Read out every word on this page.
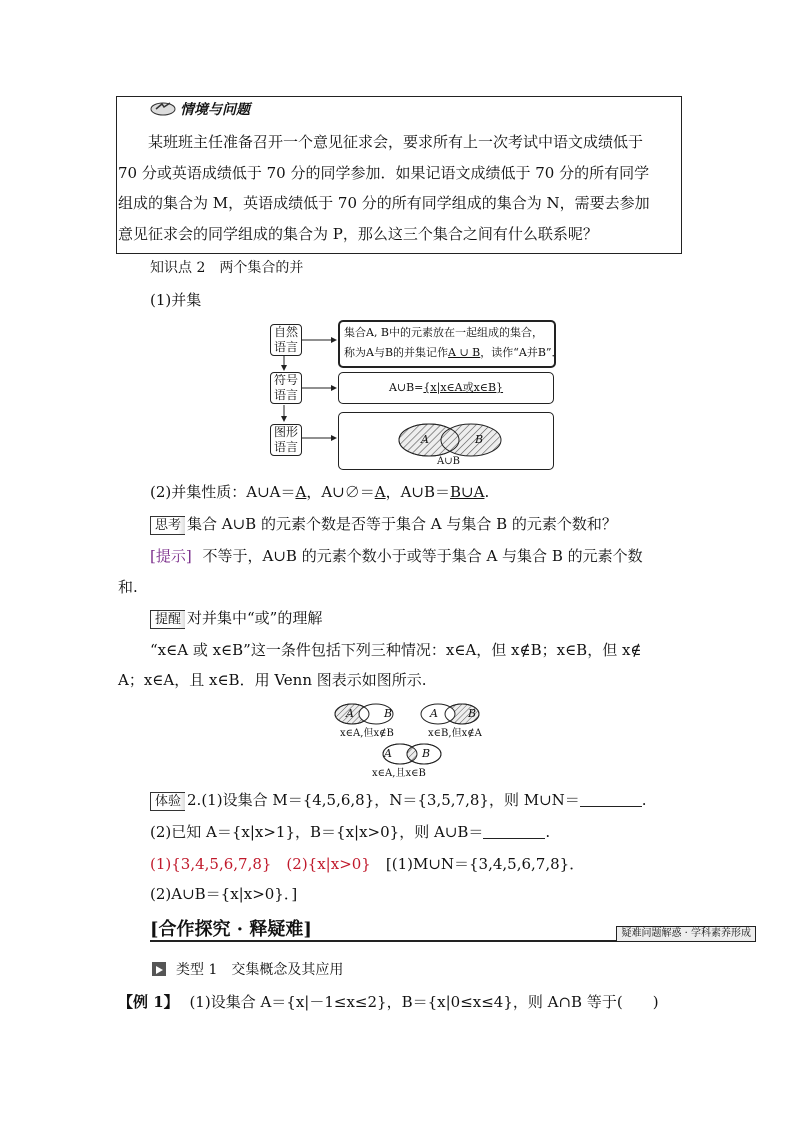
情境与问题
某班班主任准备召开一个意见征求会，要求所有上一次考试中语文成绩低于
70 分或英语成绩低于 70 分的同学参加．如果记语文成绩低于 70 分的所有同学
组成的集合为 M，英语成绩低于 70 分的所有同学组成的集合为 N，需要去参加
意见征求会的同学组成的集合为 P，那么这三个集合之间有什么联系呢？
知识点 2　两个集合的并
(1)并集
自然语言
符号语言
图形语言
集合A, B中的元素放在一起组成的集合，
称为A与B的并集记作A ∪ B，读作“A并B”．
A∪B={x|x∈A或x∈B}
A	B
A∪B
(2)并集性质：A∪A＝A，A∪∅＝A，A∪B＝B∪A.
思考 集合 A∪B 的元素个数是否等于集合 A 与集合 B 的元素个数和？
[提示] 不等于，A∪B 的元素个数小于或等于集合 A 与集合 B 的元素个数
和.
提醒 对并集中“或”的理解
“x∈A 或 x∈B”这一条件包括下列三种情况：x∈A，但 x∉B；x∈B，但 x∉
A；x∈A，且 x∈B．用 Venn 图表示如图所示.
A	B
x∈A,但x∉B
A	B
x∈B,但x∉A
A	B
x∈A,且x∈B
体验 2.(1)设集合 M＝{4,5,6,8}，N＝{3,5,7,8}，则 M∪N＝	.
(2)已知 A＝{x|x>1}，B＝{x|x>0}，则 A∪B＝	.
(1){3,4,5,6,7,8}　(2){x|x>0}　[(1)M∪N＝{3,4,5,6,7,8}．
(2)A∪B＝{x|x>0}．]
[合作探究 · 释疑难]	疑难问题解惑 · 学科素养形成
类型 1　交集概念及其应用
【例 1】 (1)设集合 A＝{x|－1≤x≤2}，B＝{x|0≤x≤4}，则 A∩B 等于(　　)
